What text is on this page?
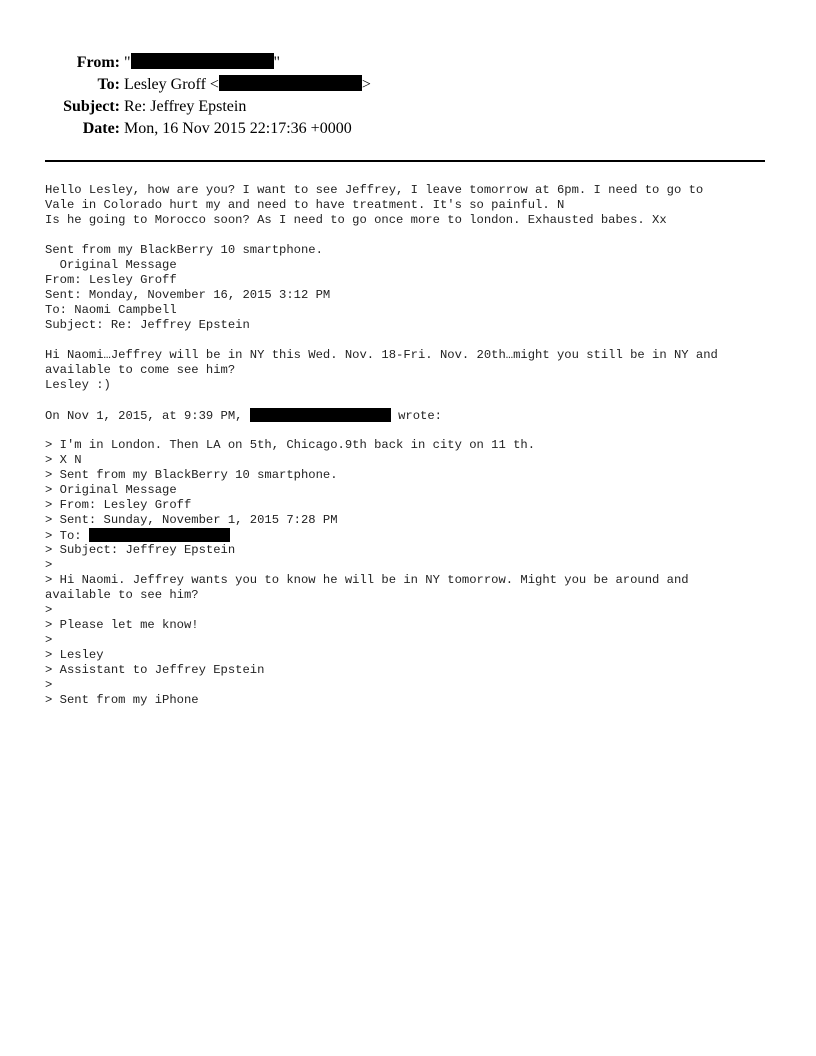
From: "	"
To: Lesley Groff <	>
Subject: Re: Jeffrey Epstein
Date: Mon, 16 Nov 2015 22:17:36 +0000
Hello Lesley, how are you? I want to see Jeffrey, I leave tomorrow at 6pm. I need to go to
Vale in Colorado hurt my and need to have treatment. It's so painful. N
Is he going to Morocco soon? As I need to go once more to london. Exhausted babes. Xx
Sent from my BlackBerry 10 smartphone.
Original Message
From: Lesley Groff
Sent: Monday, November 16, 2015 3:12 PM
To: Naomi Campbell
Subject: Re: Jeffrey Epstein
Hi Naomi…Jeffrey will be in NY this Wed. Nov. 18-Fri. Nov. 20th…might you still be in NY and
available to come see him?
Lesley :)
On Nov 1, 2015, at 9:39 PM,	wrote:
> I'm in London. Then LA on 5th, Chicago.9th back in city on 11 th.
> X N
> Sent from my BlackBerry 10 smartphone.
> Original Message
> From: Lesley Groff
> Sent: Sunday, November 1, 2015 7:28 PM
> To:
> Subject: Jeffrey Epstein
>
> Hi Naomi. Jeffrey wants you to know he will be in NY tomorrow. Might you be around and
available to see him?
>
> Please let me know!
>
> Lesley
> Assistant to Jeffrey Epstein
>
> Sent from my iPhone
